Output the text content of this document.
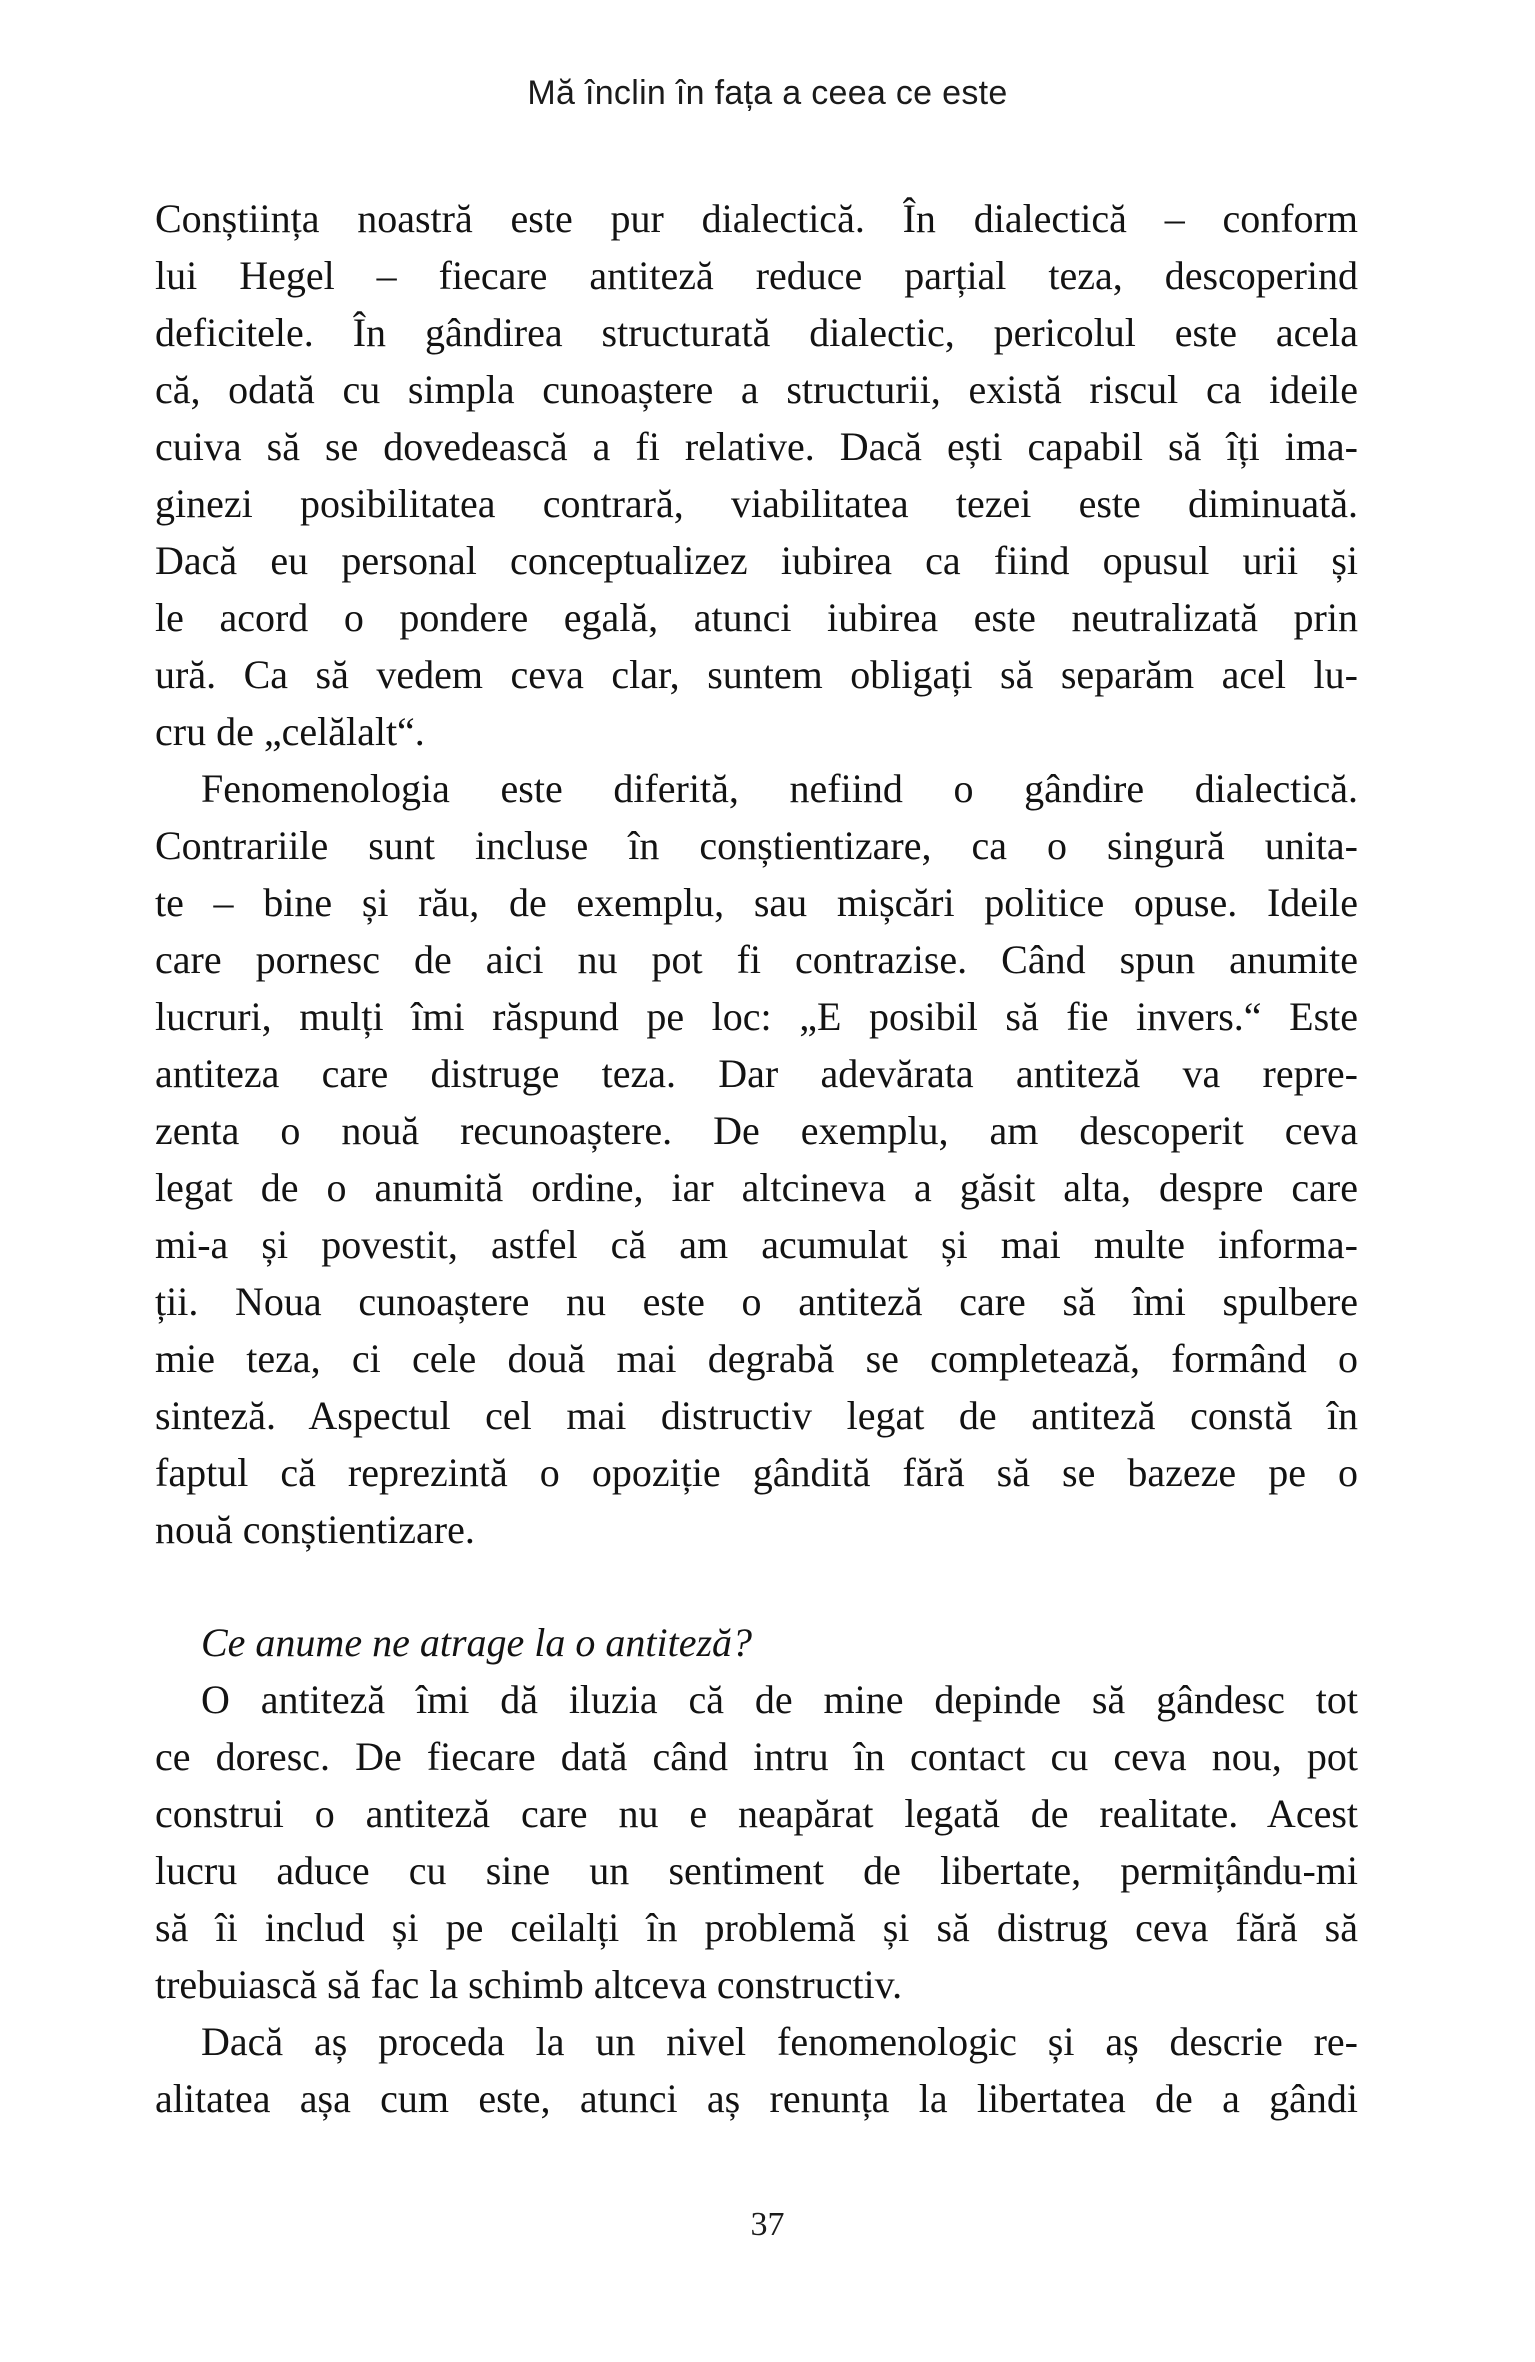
Mă înclin în fața a ceea ce este
Conștiința noastră este pur dialectică. În dialectică – conform
lui Hegel – fiecare antiteză reduce parțial teza, descoperind
deficitele. În gândirea structurată dialectic, pericolul este acela
că, odată cu simpla cunoaștere a structurii, există riscul ca ideile
cuiva să se dovedească a fi relative. Dacă ești capabil să îți ima-
ginezi posibilitatea contrară, viabilitatea tezei este diminuată.
Dacă eu personal conceptualizez iubirea ca fiind opusul urii și
le acord o pondere egală, atunci iubirea este neutralizată prin
ură. Ca să vedem ceva clar, suntem obligați să separăm acel lu-
cru de „celălalt“.
Fenomenologia este diferită, nefiind o gândire dialectică.
Contrariile sunt incluse în conștientizare, ca o singură unita-
te – bine și rău, de exemplu, sau mișcări politice opuse. Ideile
care pornesc de aici nu pot fi contrazise. Când spun anumite
lucruri, mulți îmi răspund pe loc: „E posibil să fie invers.“ Este
antiteza care distruge teza. Dar adevărata antiteză va repre-
zenta o nouă recunoaștere. De exemplu, am descoperit ceva
legat de o anumită ordine, iar altcineva a găsit alta, despre care
mi-a și povestit, astfel că am acumulat și mai multe informa-
ții. Noua cunoaștere nu este o antiteză care să îmi spulbere
mie teza, ci cele două mai degrabă se completează, formând o
sinteză. Aspectul cel mai distructiv legat de antiteză constă în
faptul că reprezintă o opoziție gândită fără să se bazeze pe o
nouă conștientizare.
Ce anume ne atrage la o antiteză?
O antiteză îmi dă iluzia că de mine depinde să gândesc tot
ce doresc. De fiecare dată când intru în contact cu ceva nou, pot
construi o antiteză care nu e neapărat legată de realitate. Acest
lucru aduce cu sine un sentiment de libertate, permițându-mi
să îi includ și pe ceilalți în problemă și să distrug ceva fără să
trebuiască să fac la schimb altceva constructiv.
Dacă aș proceda la un nivel fenomenologic și aș descrie re-
alitatea așa cum este, atunci aș renunța la libertatea de a gândi
37
